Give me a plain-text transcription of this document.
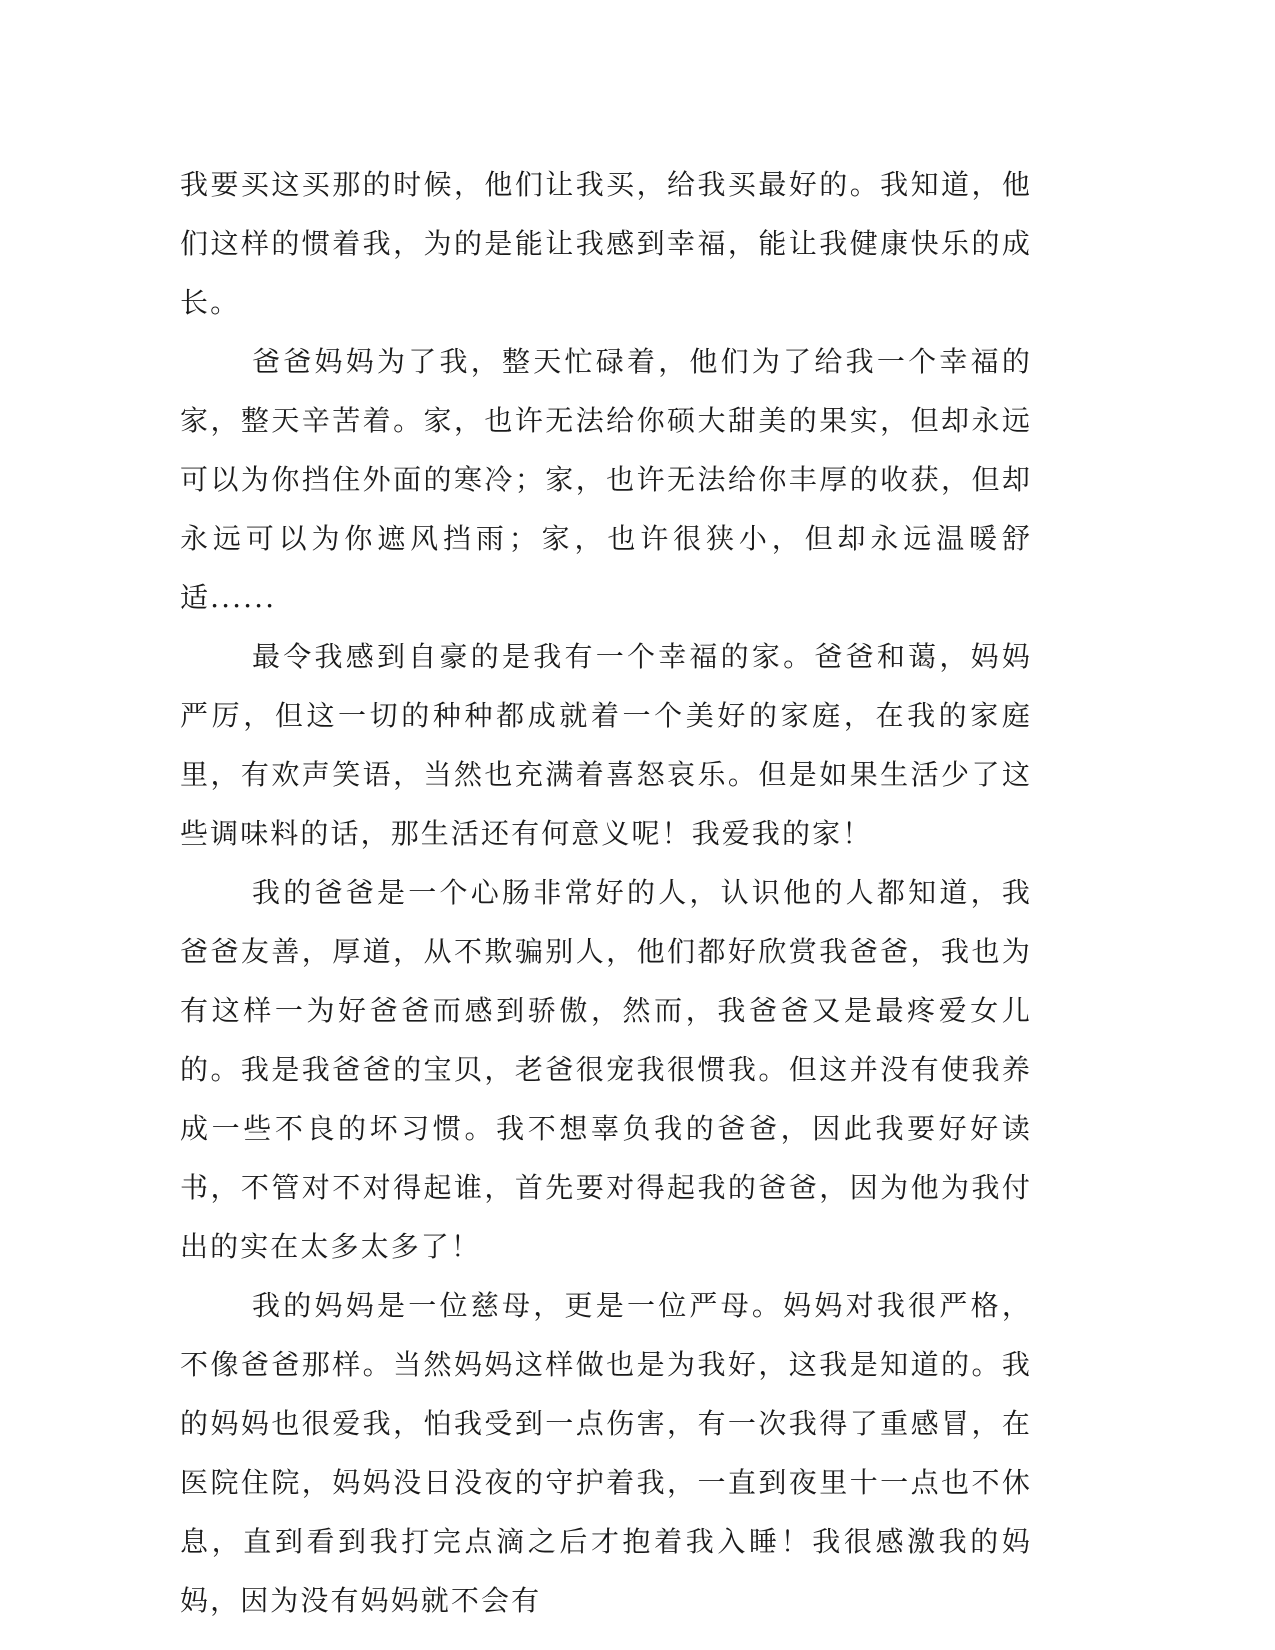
我要买这买那的时候，他们让我买，给我买最好的。我知道，他们这样的惯着我，为的是能让我感到幸福，能让我健康快乐的成长。

爸爸妈妈为了我，整天忙碌着，他们为了给我一个幸福的家，整天辛苦着。家，也许无法给你硕大甜美的果实，但却永远可以为你挡住外面的寒冷；家，也许无法给你丰厚的收获，但却永远可以为你遮风挡雨；家，也许很狭小，但却永远温暖舒适......

最令我感到自豪的是我有一个幸福的家。爸爸和蔼，妈妈严厉，但这一切的种种都成就着一个美好的家庭，在我的家庭里，有欢声笑语，当然也充满着喜怒哀乐。但是如果生活少了这些调味料的话，那生活还有何意义呢！我爱我的家！

我的爸爸是一个心肠非常好的人，认识他的人都知道，我爸爸友善，厚道，从不欺骗别人，他们都好欣赏我爸爸，我也为有这样一为好爸爸而感到骄傲，然而，我爸爸又是最疼爱女儿的。我是我爸爸的宝贝，老爸很宠我很惯我。但这并没有使我养成一些不良的坏习惯。我不想辜负我的爸爸，因此我要好好读书，不管对不对得起谁，首先要对得起我的爸爸，因为他为我付出的实在太多太多了！

我的妈妈是一位慈母，更是一位严母。妈妈对我很严格，不像爸爸那样。当然妈妈这样做也是为我好，这我是知道的。我的妈妈也很爱我，怕我受到一点伤害，有一次我得了重感冒，在医院住院，妈妈没日没夜的守护着我，一直到夜里十一点也不休息，直到看到我打完点滴之后才抱着我入睡！我很感激我的妈妈，因为没有妈妈就不会有
